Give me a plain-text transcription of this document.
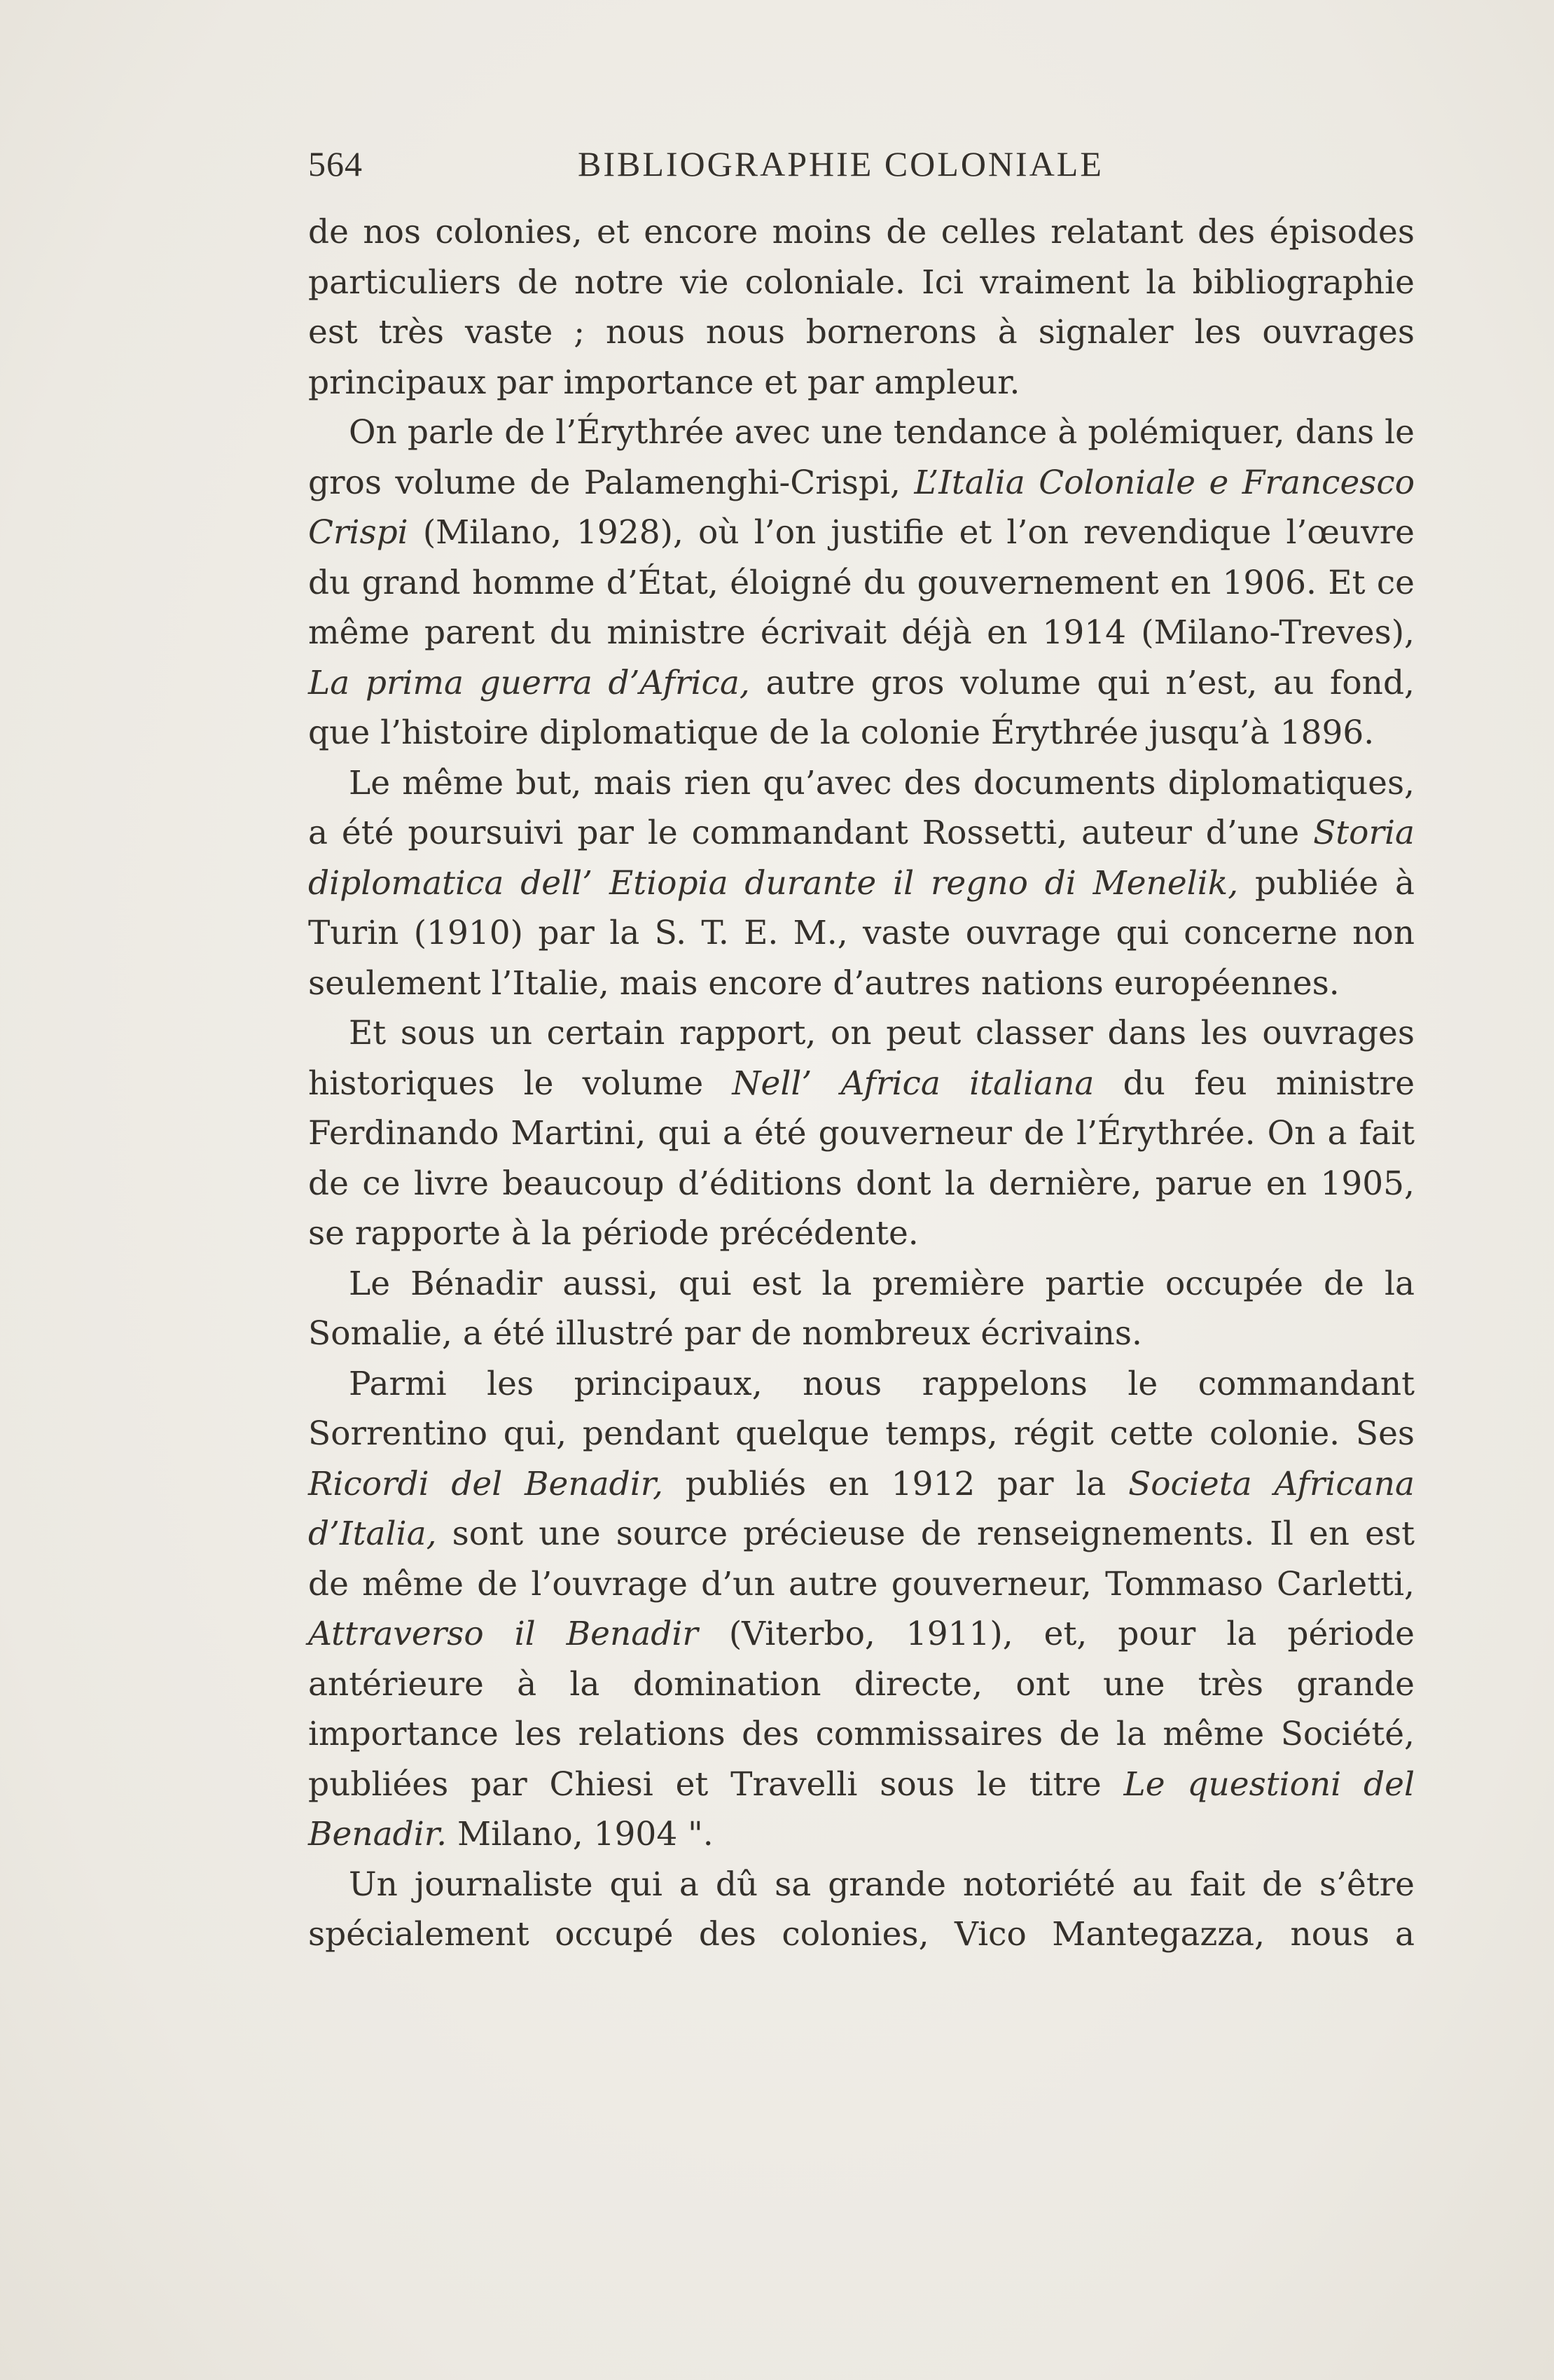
564	BIBLIOGRAPHIE COLONIALE

de nos colonies, et encore moins de celles relatant des épisodes particuliers de notre vie coloniale. Ici vraiment la bibliographie est très vaste ; nous nous bornerons à signaler les ouvrages principaux par importance et par ampleur.

On parle de l’Érythrée avec une tendance à polémiquer, dans le gros volume de Palamenghi-Crispi, L’Italia Coloniale e Francesco Crispi (Milano, 1928), où l’on justifie et l’on revendique l’œuvre du grand homme d’État, éloigné du gouvernement en 1906. Et ce même parent du ministre écrivait déjà en 1914 (Milano-Treves), La prima guerra d’Africa, autre gros volume qui n’est, au fond, que l’histoire diplomatique de la colonie Érythrée jusqu’à 1896.

Le même but, mais rien qu’avec des documents diplomatiques, a été poursuivi par le commandant Rossetti, auteur d’une Storia diplomatica dell’ Etiopia durante il regno di Menelik, publiée à Turin (1910) par la S. T. E. M., vaste ouvrage qui concerne non seulement l’Italie, mais encore d’autres nations européennes.

Et sous un certain rapport, on peut classer dans les ouvrages historiques le volume Nell’ Africa italiana du feu ministre Ferdinando Martini, qui a été gouverneur de l’Érythrée. On a fait de ce livre beaucoup d’éditions dont la dernière, parue en 1905, se rapporte à la période précédente.

Le Bénadir aussi, qui est la première partie occupée de la Somalie, a été illustré par de nombreux écrivains.

Parmi les principaux, nous rappelons le commandant Sorrentino qui, pendant quelque temps, régit cette colonie. Ses Ricordi del Benadir, publiés en 1912 par la Societa Africana d’Italia, sont une source précieuse de renseignements. Il en est de même de l’ouvrage d’un autre gouverneur, Tommaso Carletti, Attraverso il Benadir (Viterbo, 1911), et, pour la période antérieure à la domination directe, ont une très grande importance les relations des commissaires de la même Société, publiées par Chiesi et Travelli sous le titre Le questioni del Benadir. Milano, 1904 ".

Un journaliste qui a dû sa grande notoriété au fait de s’être spécialement occupé des colonies, Vico Mantegazza, nous a
